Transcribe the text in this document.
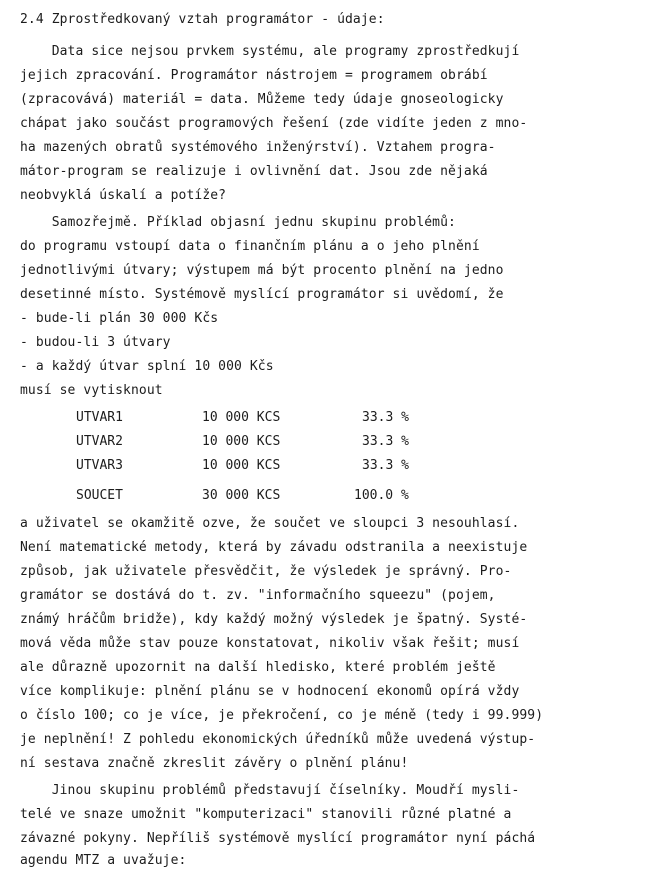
2.4 Zprostředkovaný vztah programátor - údaje:
Data sice nejsou prvkem systému, ale programy zprostředkují
jejich zpracování. Programátor nástrojem = programem obrábí
(zpracovává) materiál = data. Můžeme tedy údaje gnoseologicky
chápat jako součást programových řešení (zde vidíte jeden z mno-
ha mazených obratů systémového inženýrství). Vztahem progra-
mátor-program se realizuje i ovlivnění dat. Jsou zde nějaká
neobvyklá úskalí a potíže?
Samozřejmě. Příklad objasní jednu skupinu problémů:
do programu vstoupí data o finančním plánu a o jeho plnění
jednotlivými útvary; výstupem má být procento plnění na jedno
desetinné místo. Systémově myslící programátor si uvědomí, že
- bude-li plán 30 000 Kčs
- budou-li 3 útvary
- a každý útvar splní 10 000 Kčs
musí se vytisknout
UTVAR1	10 000 KCS	33.3 %
UTVAR2	10 000 KCS	33.3 %
UTVAR3	10 000 KCS	33.3 %
SOUCET	30 000 KCS	100.0 %
a uživatel se okamžitě ozve, že součet ve sloupci 3 nesouhlasí.
Není matematické metody, která by závadu odstranila a neexistuje
způsob, jak uživatele přesvědčit, že výsledek je správný. Pro-
gramátor se dostává do t. zv. "informačního squeezu" (pojem,
známý hráčům bridže), kdy každý možný výsledek je špatný. Systé-
mová věda může stav pouze konstatovat, nikoliv však řešit; musí
ale důrazně upozornit na další hledisko, které problém ještě
více komplikuje: plnění plánu se v hodnocení ekonomů opírá vždy
o číslo 100; co je více, je překročení, co je méně (tedy i 99.999)
je neplnění! Z pohledu ekonomických úředníků může uvedená výstup-
ní sestava značně zkreslit závěry o plnění plánu!
Jinou skupinu problémů představují číselníky. Moudří mysli-
telé ve snaze umožnit "komputerizaci" stanovili různé platné a
závazné pokyny. Nepříliš systémově myslící programátor nyní páchá
agendu MTZ a uvažuje:
